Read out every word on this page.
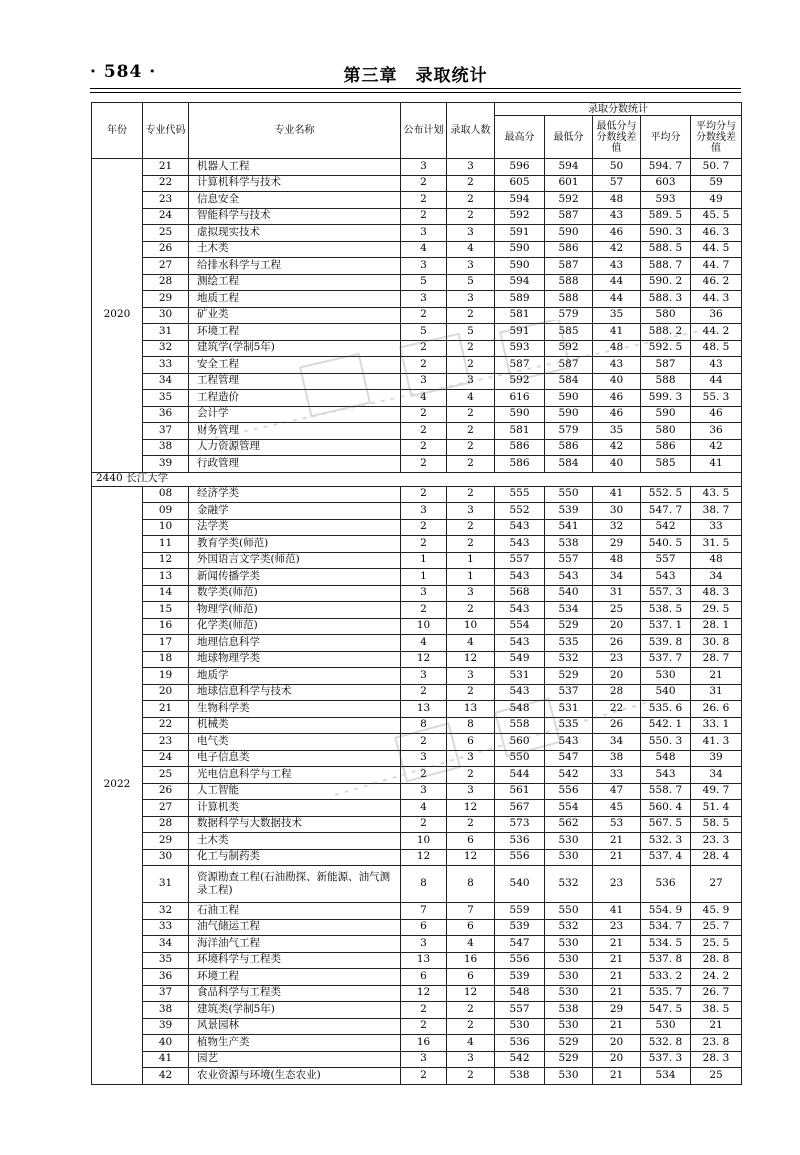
· 584 ·	第三章　录取统计
年份	专业代码	专业名称	公布计划	录取人数	录取分数统计				
					最高分	最低分	最低分与分数线差值	平均分	平均分与分数线差值
2020	21	机器人工程	3	3	596	594	50	594. 7	50. 7
	22	计算机科学与技术	2	2	605	601	57	603	59
	23	信息安全	2	2	594	592	48	593	49
	24	智能科学与技术	2	2	592	587	43	589. 5	45. 5
	25	虚拟现实技术	3	3	591	590	46	590. 3	46. 3
	26	土木类	4	4	590	586	42	588. 5	44. 5
	27	给排水科学与工程	3	3	590	587	43	588. 7	44. 7
	28	测绘工程	5	5	594	588	44	590. 2	46. 2
	29	地质工程	3	3	589	588	44	588. 3	44. 3
	30	矿业类	2	2	581	579	35	580	36
	31	环境工程	5	5	591	585	41	588. 2	44. 2
	32	建筑学(学制5年)	2	2	593	592	48	592. 5	48. 5
	33	安全工程	2	2	587	587	43	587	43
	34	工程管理	3	3	592	584	40	588	44
	35	工程造价	4	4	616	590	46	599. 3	55. 3
	36	会计学	2	2	590	590	46	590	46
	37	财务管理	2	2	581	579	35	580	36
	38	人力资源管理	2	2	586	586	42	586	42
	39	行政管理	2	2	586	584	40	585	41
2440 长江大学									
2022	08	经济学类	2	2	555	550	41	552. 5	43. 5
	09	金融学	3	3	552	539	30	547. 7	38. 7
	10	法学类	2	2	543	541	32	542	33
	11	教育学类(师范)	2	2	543	538	29	540. 5	31. 5
	12	外国语言文学类(师范)	1	1	557	557	48	557	48
	13	新闻传播学类	1	1	543	543	34	543	34
	14	数学类(师范)	3	3	568	540	31	557. 3	48. 3
	15	物理学(师范)	2	2	543	534	25	538. 5	29. 5
	16	化学类(师范)	10	10	554	529	20	537. 1	28. 1
	17	地理信息科学	4	4	543	535	26	539. 8	30. 8
	18	地球物理学类	12	12	549	532	23	537. 7	28. 7
	19	地质学	3	3	531	529	20	530	21
	20	地球信息科学与技术	2	2	543	537	28	540	31
	21	生物科学类	13	13	548	531	22	535. 6	26. 6
	22	机械类	8	8	558	535	26	542. 1	33. 1
	23	电气类	2	6	560	543	34	550. 3	41. 3
	24	电子信息类	3	3	550	547	38	548	39
	25	光电信息科学与工程	2	2	544	542	33	543	34
	26	人工智能	3	3	561	556	47	558. 7	49. 7
	27	计算机类	4	12	567	554	45	560. 4	51. 4
	28	数据科学与大数据技术	2	2	573	562	53	567. 5	58. 5
	29	土木类	10	6	536	530	21	532. 3	23. 3
	30	化工与制药类	12	12	556	530	21	537. 4	28. 4
	31	资源勘查工程(石油勘探、新能源、油气测录工程)	8	8	540	532	23	536	27
	32	石油工程	7	7	559	550	41	554. 9	45. 9
	33	油气储运工程	6	6	539	532	23	534. 7	25. 7
	34	海洋油气工程	3	4	547	530	21	534. 5	25. 5
	35	环境科学与工程类	13	16	556	530	21	537. 8	28. 8
	36	环境工程	6	6	539	530	21	533. 2	24. 2
	37	食品科学与工程类	12	12	548	530	21	535. 7	26. 7
	38	建筑类(学制5年)	2	2	557	538	29	547. 5	38. 5
	39	风景园林	2	2	530	530	21	530	21
	40	植物生产类	16	4	536	529	20	532. 8	23. 8
	41	园艺	3	3	542	529	20	537. 3	28. 3
	42	农业资源与环境(生态农业)	2	2	538	530	21	534	25
